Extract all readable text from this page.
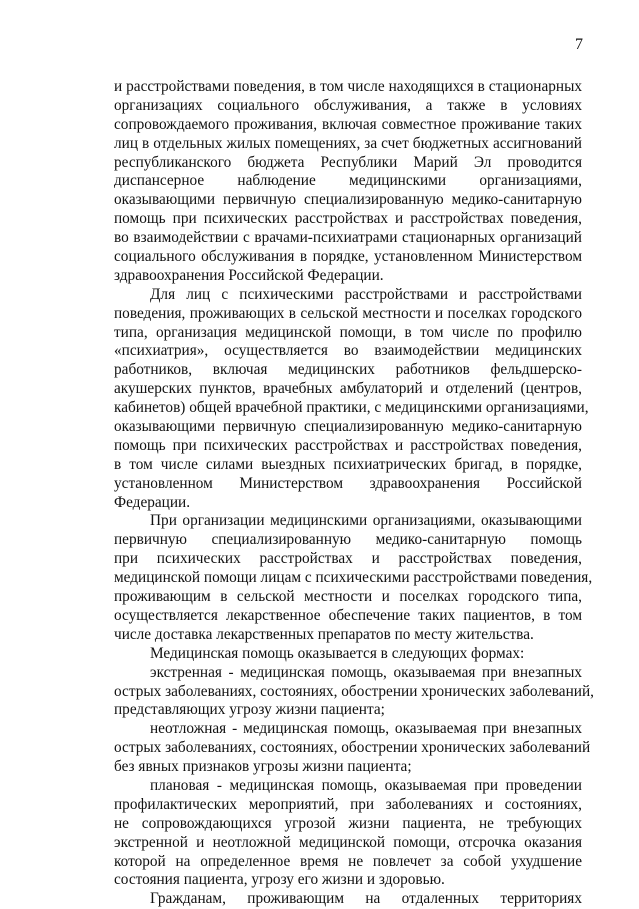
7
и расстройствами поведения, в том числе находящихся в стационарных
организациях социального обслуживания, а также в условиях
сопровождаемого проживания, включая совместное проживание таких
лиц в отдельных жилых помещениях, за счет бюджетных ассигнований
республиканского бюджета Республики Марий Эл проводится
диспансерное наблюдение медицинскими организациями,
оказывающими первичную специализированную медико-санитарную
помощь при психических расстройствах и расстройствах поведения,
во взаимодействии с врачами-психиатрами стационарных организаций
социального обслуживания в порядке, установленном Министерством
здравоохранения Российской Федерации.
Для лиц с психическими расстройствами и расстройствами
поведения, проживающих в сельской местности и поселках городского
типа, организация медицинской помощи, в том числе по профилю
«психиатрия», осуществляется во взаимодействии медицинских
работников, включая медицинских работников фельдшерско-
акушерских пунктов, врачебных амбулаторий и отделений (центров,
кабинетов) общей врачебной практики, с медицинскими организациями,
оказывающими первичную специализированную медико-санитарную
помощь при психических расстройствах и расстройствах поведения,
в том числе силами выездных психиатрических бригад, в порядке,
установленном Министерством здравоохранения Российской
Федерации.
При организации медицинскими организациями, оказывающими
первичную специализированную медико-санитарную помощь
при психических расстройствах и расстройствах поведения,
медицинской помощи лицам с психическими расстройствами поведения,
проживающим в сельской местности и поселках городского типа,
осуществляется лекарственное обеспечение таких пациентов, в том
числе доставка лекарственных препаратов по месту жительства.
Медицинская помощь оказывается в следующих формах:
экстренная - медицинская помощь, оказываемая при внезапных
острых заболеваниях, состояниях, обострении хронических заболеваний,
представляющих угрозу жизни пациента;
неотложная - медицинская помощь, оказываемая при внезапных
острых заболеваниях, состояниях, обострении хронических заболеваний
без явных признаков угрозы жизни пациента;
плановая - медицинская помощь, оказываемая при проведении
профилактических мероприятий, при заболеваниях и состояниях,
не сопровождающихся угрозой жизни пациента, не требующих
экстренной и неотложной медицинской помощи, отсрочка оказания
которой на определенное время не повлечет за собой ухудшение
состояния пациента, угрозу его жизни и здоровью.
Гражданам, проживающим на отдаленных территориях
